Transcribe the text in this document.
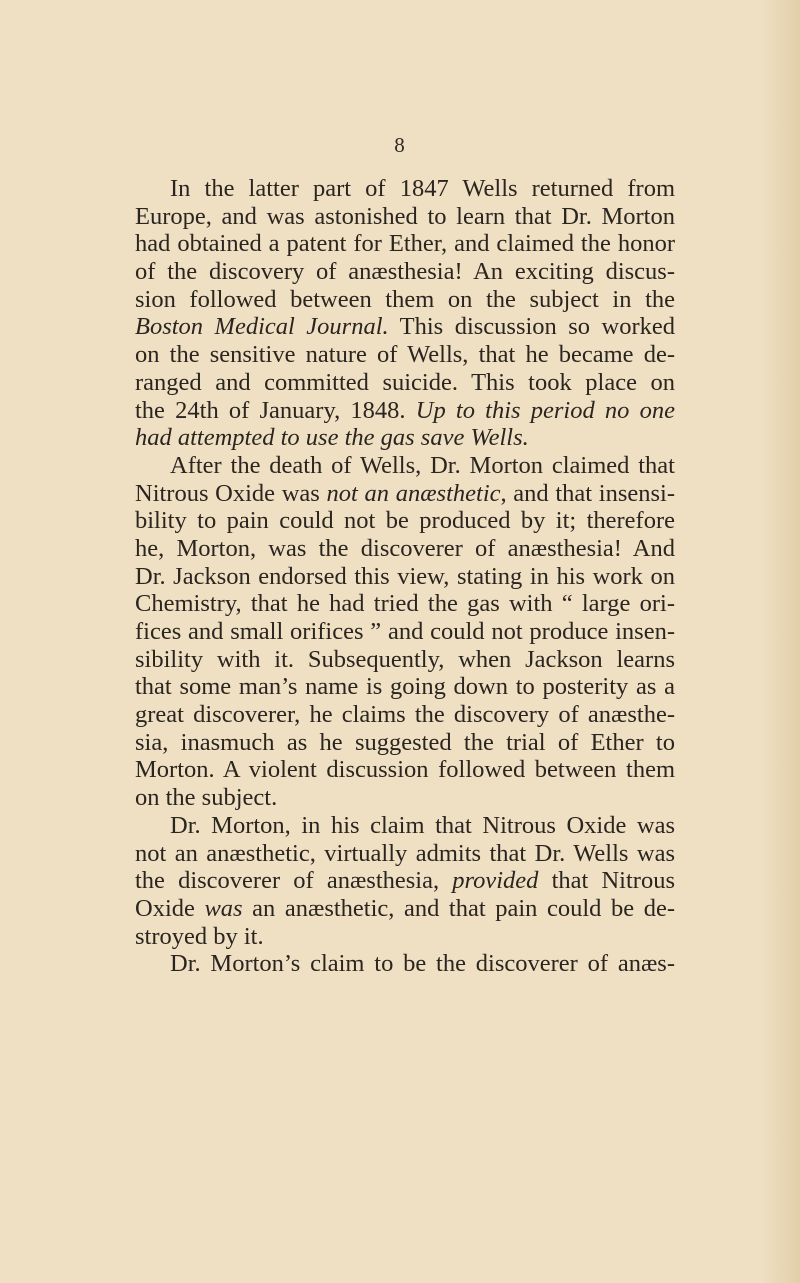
8
In the latter part of 1847 Wells returned from
Europe, and was astonished to learn that Dr. Morton
had obtained a patent for Ether, and claimed the honor
of the discovery of anæsthesia! An exciting discus-
sion followed between them on the subject in the
Boston Medical Journal. This discussion so worked
on the sensitive nature of Wells, that he became de-
ranged and committed suicide. This took place on
the 24th of January, 1848. Up to this period no one
had attempted to use the gas save Wells.
After the death of Wells, Dr. Morton claimed that
Nitrous Oxide was not an anæsthetic, and that insensi-
bility to pain could not be produced by it; therefore
he, Morton, was the discoverer of anæsthesia! And
Dr. Jackson endorsed this view, stating in his work on
Chemistry, that he had tried the gas with “ large ori-
fices and small orifices ” and could not produce insen-
sibility with it. Subsequently, when Jackson learns
that some man’s name is going down to posterity as a
great discoverer, he claims the discovery of anæsthe-
sia, inasmuch as he suggested the trial of Ether to
Morton. A violent discussion followed between them
on the subject.
Dr. Morton, in his claim that Nitrous Oxide was
not an anæsthetic, virtually admits that Dr. Wells was
the discoverer of anæsthesia, provided that Nitrous
Oxide was an anæsthetic, and that pain could be de-
stroyed by it.
Dr. Morton’s claim to be the discoverer of anæs-
